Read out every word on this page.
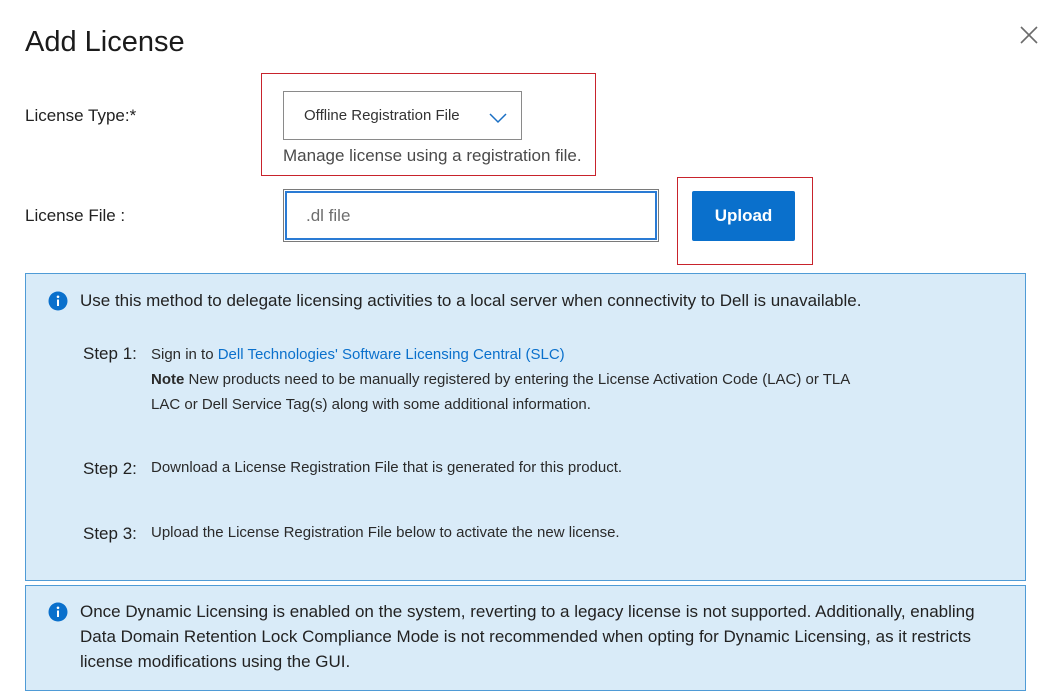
Add License
License Type:*	Offline Registration File
Manage license using a registration file.
License File :
.dl file	Upload
Use this method to delegate licensing activities to a local server when connectivity to Dell is unavailable.
Step 1: Sign in to Dell Technologies' Software Licensing Central (SLC)
Note New products need to be manually registered by entering the License Activation Code (LAC) or TLA LAC or Dell Service Tag(s) along with some additional information.
Step 2: Download a License Registration File that is generated for this product.
Step 3: Upload the License Registration File below to activate the new license.
Once Dynamic Licensing is enabled on the system, reverting to a legacy license is not supported. Additionally, enabling Data Domain Retention Lock Compliance Mode is not recommended when opting for Dynamic Licensing, as it restricts license modifications using the GUI.
